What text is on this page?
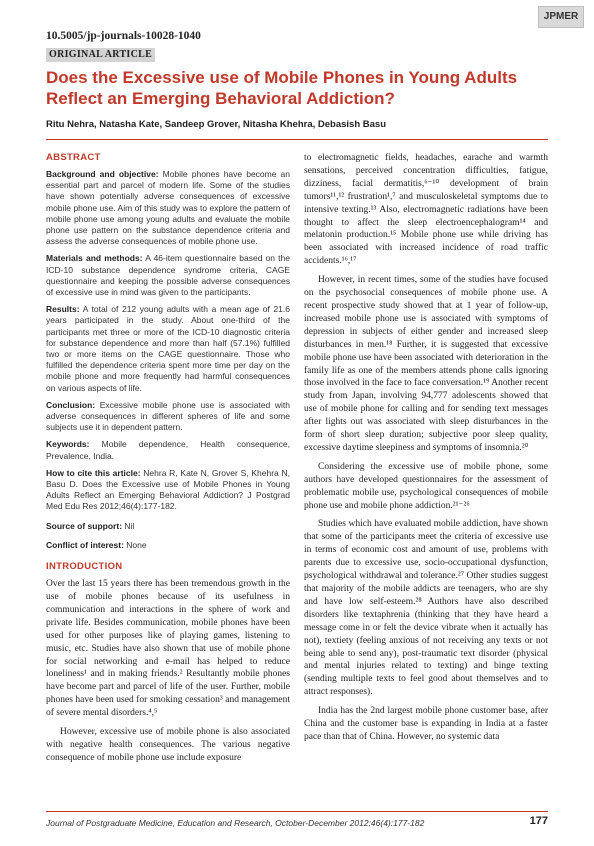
JPMER
10.5005/jp-journals-10028-1040
ORIGINAL ARTICLE
Does the Excessive use of Mobile Phones in Young Adults Reflect an Emerging Behavioral Addiction?
Ritu Nehra, Natasha Kate, Sandeep Grover, Nitasha Khehra, Debasish Basu
ABSTRACT

Background and objective: Mobile phones have become an essential part and parcel of modern life. Some of the studies have shown potentially adverse consequences of excessive mobile phone use. Aim of this study was to explore the pattern of mobile phone use among young adults and evaluate the mobile phone use pattern on the substance dependence criteria and assess the adverse consequences of mobile phone use.

Materials and methods: A 46-item questionnaire based on the ICD-10 substance dependence syndrome criteria, CAGE questionnaire and keeping the possible adverse consequences of excessive use in mind was given to the participants.

Results: A total of 212 young adults with a mean age of 21.6 years participated in the study. About one-third of the participants met three or more of the ICD-10 diagnostic criteria for substance dependence and more than half (57.1%) fulfilled two or more items on the CAGE questionnaire. Those who fulfilled the dependence criteria spent more time per day on the mobile phone and more frequently had harmful consequences on various aspects of life.

Conclusion: Excessive mobile phone use is associated with adverse consequences in different spheres of life and some subjects use it in dependent pattern.

Keywords: Mobile dependence, Health consequence, Prevalence, India.

How to cite this article: Nehra R, Kate N, Grover S, Khehra N, Basu D. Does the Excessive use of Mobile Phones in Young Adults Reflect an Emerging Behavioral Addiction? J Postgrad Med Edu Res 2012;46(4):177-182.

Source of support: Nil

Conflict of interest: None

INTRODUCTION

Over the last 15 years there has been tremendous growth in the use of mobile phones because of its usefulness in communication and interactions in the sphere of work and private life. Besides communication, mobile phones have been used for other purposes like of playing games, listening to music, etc. Studies have also shown that use of mobile phone for social networking and e-mail has helped to reduce loneliness¹ and in making friends.² Resultantly mobile phones have become part and parcel of life of the user. Further, mobile phones have been used for smoking cessation³ and management of severe mental disorders.⁴,⁵

However, excessive use of mobile phone is also associated with negative health consequences. The various negative consequence of mobile phone use include exposure

to electromagnetic fields, headaches, earache and warmth sensations, perceived concentration difficulties, fatigue, dizziness, facial dermatitis,⁶⁻¹⁰ development of brain tumors¹¹,¹² frustration¹,⁷ and musculoskeletal symptoms due to intensive texting.¹³ Also, electromagnetic radiations have been thought to affect the sleep electroencephalogram¹⁴ and melatonin production.¹⁵ Mobile phone use while driving has been associated with increased incidence of road traffic accidents.¹⁶,¹⁷

However, in recent times, some of the studies have focused on the psychosocial consequences of mobile phone use. A recent prospective study showed that at 1 year of follow-up, increased mobile phone use is associated with symptoms of depression in subjects of either gender and increased sleep disturbances in men.¹⁸ Further, it is suggested that excessive mobile phone use have been associated with deterioration in the family life as one of the members attends phone calls ignoring those involved in the face to face conversation.¹⁹ Another recent study from Japan, involving 94,777 adolescents showed that use of mobile phone for calling and for sending text messages after lights out was associated with sleep disturbances in the form of short sleep duration; subjective poor sleep quality, excessive daytime sleepiness and symptoms of insomnia.²⁰

Considering the excessive use of mobile phone, some authors have developed questionnaires for the assessment of problematic mobile use, psychological consequences of mobile phone use and mobile phone addiction.²¹⁻²⁶

Studies which have evaluated mobile addiction, have shown that some of the participants meet the criteria of excessive use in terms of economic cost and amount of use, problems with parents due to excessive use, socio-occupational dysfunction, psychological withdrawal and tolerance.²⁷ Other studies suggest that majority of the mobile addicts are teenagers, who are shy and have low self-esteem.²⁸ Authors have also described disorders like textaphrenia (thinking that they have heard a message come in or felt the device vibrate when it actually has not), textiety (feeling anxious of not receiving any texts or not being able to send any), post-traumatic text disorder (physical and mental injuries related to texting) and binge texting (sending multiple texts to feel good about themselves and to attract responses).

India has the 2nd largest mobile phone customer base, after China and the customer base is expanding in India at a faster pace than that of China. However, no systemic data

Journal of Postgraduate Medicine, Education and Research, October-December 2012;46(4):177-182	177
